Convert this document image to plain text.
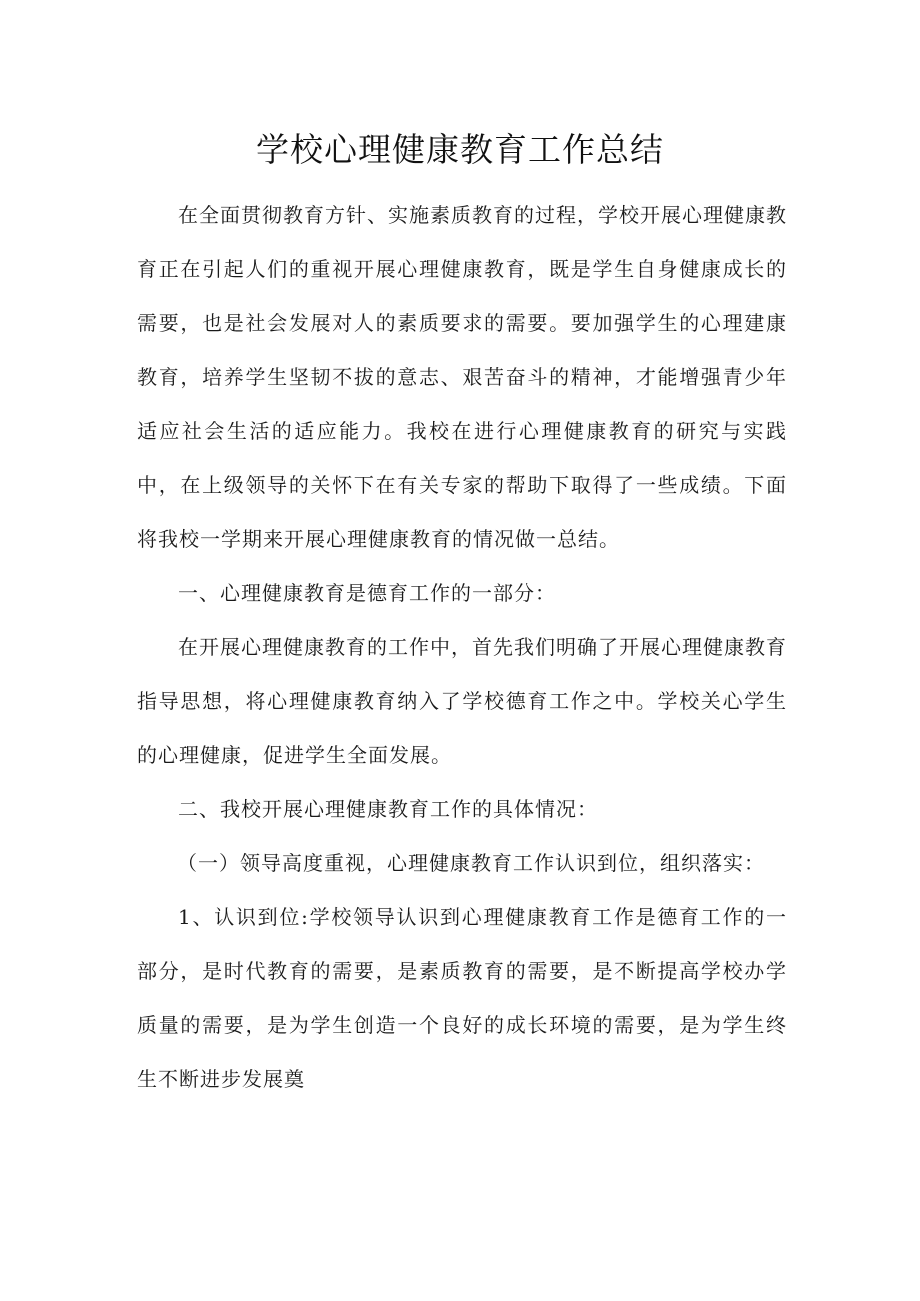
学校心理健康教育工作总结

在全面贯彻教育方针、实施素质教育的过程，学校开展心理健康教育正在引起人们的重视开展心理健康教育，既是学生自身健康成长的需要，也是社会发展对人的素质要求的需要。要加强学生的心理建康教育，培养学生坚韧不拔的意志、艰苦奋斗的精神，才能增强青少年适应社会生活的适应能力。我校在进行心理健康教育的研究与实践中，在上级领导的关怀下在有关专家的帮助下取得了一些成绩。下面将我校一学期来开展心理健康教育的情况做一总结。

一、心理健康教育是德育工作的一部分：

在开展心理健康教育的工作中，首先我们明确了开展心理健康教育指导思想，将心理健康教育纳入了学校德育工作之中。学校关心学生的心理健康，促进学生全面发展。

二、我校开展心理健康教育工作的具体情况：

（一）领导高度重视，心理健康教育工作认识到位，组织落实：

1、认识到位:学校领导认识到心理健康教育工作是德育工作的一部分，是时代教育的需要，是素质教育的需要，是不断提高学校办学质量的需要，是为学生创造一个良好的成长环境的需要，是为学生终生不断进步发展奠
